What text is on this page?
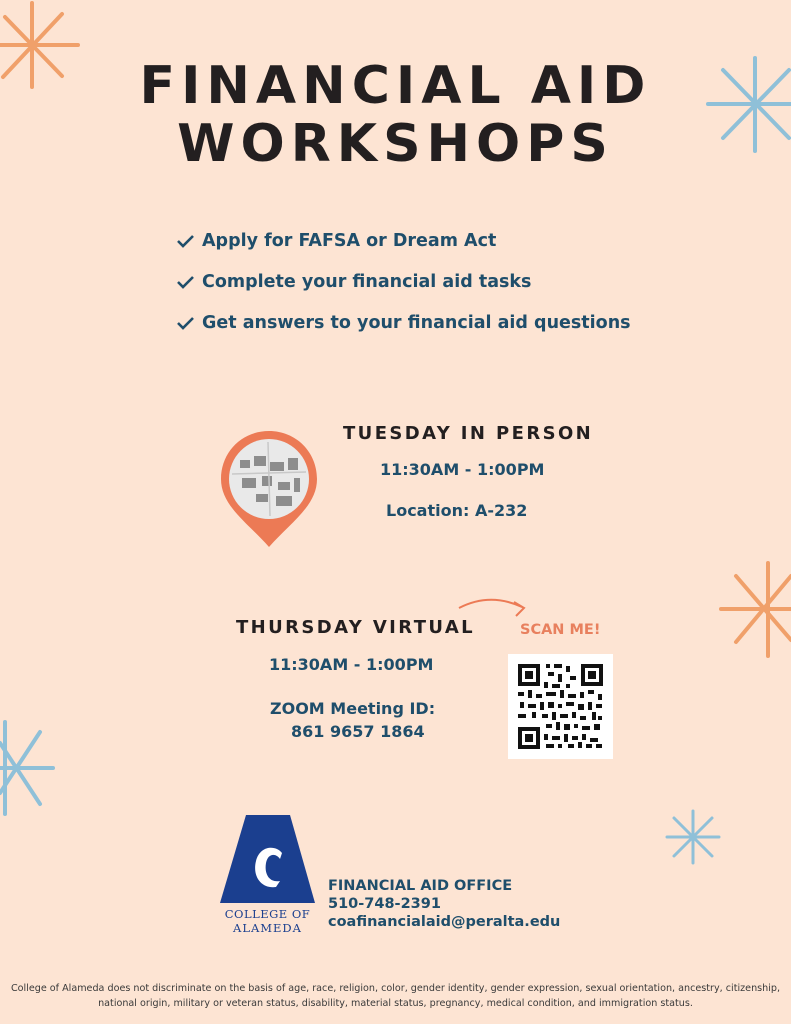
FINANCIAL AID
WORKSHOPS
Apply for FAFSA or Dream Act
Complete your financial aid tasks
Get answers to your financial aid questions
TUESDAY IN PERSON
11:30AM - 1:00PM
Location: A-232
THURSDAY VIRTUAL
11:30AM - 1:00PM
ZOOM Meeting ID:
861 9657 1864
SCAN ME!
COLLEGE OF
ALAMEDA
FINANCIAL AID OFFICE
510-748-2391
coafinancialaid@peralta.edu
College of Alameda does not discriminate on the basis of age, race, religion, color, gender identity, gender expression, sexual orientation, ancestry, citizenship, national origin, military or veteran status, disability, material status, pregnancy, medical condition, and immigration status.
